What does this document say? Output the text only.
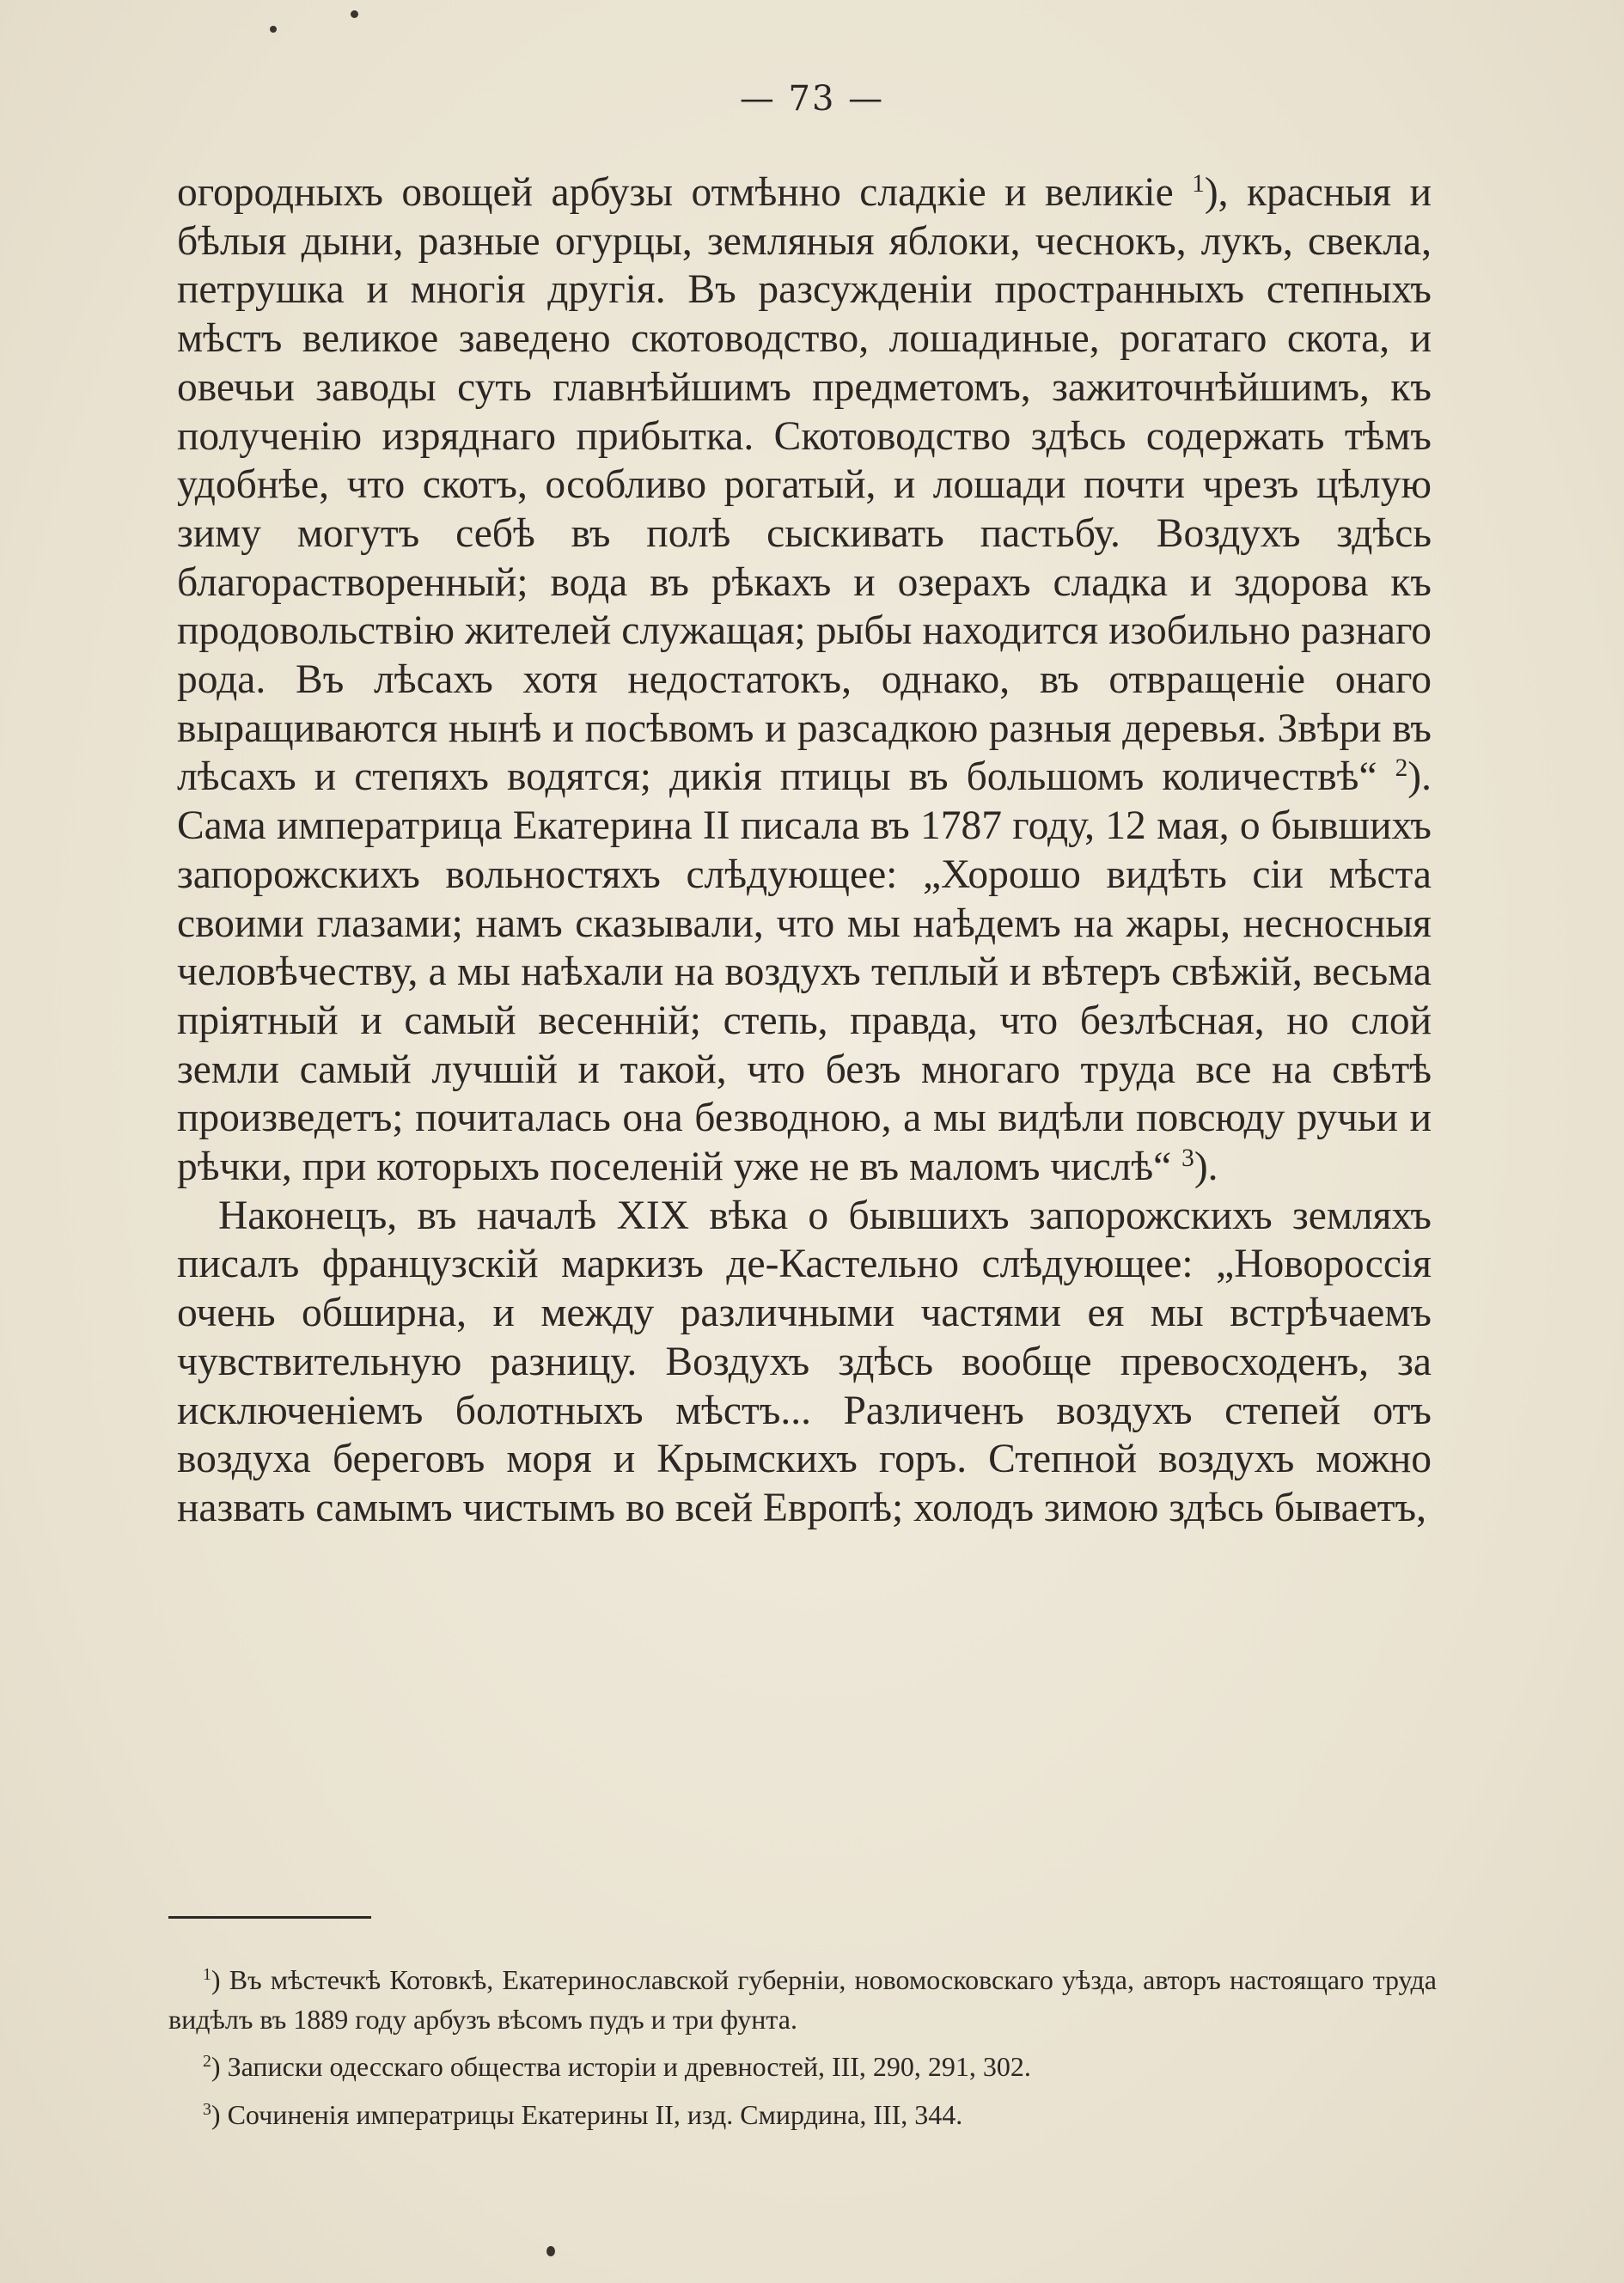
— 73 —

огородныхъ овощей арбузы отмѣнно сладкіе и великіе $^1$), красныя и бѣлыя дыни, разные огурцы, земляныя яблоки, чеснокъ, лукъ, свекла, петрушка и многія другія. Въ разсужденіи пространныхъ степныхъ мѣстъ великое заведено скотоводство, лошадиные, рогатаго скота, и овечьи заводы суть главнѣйшимъ предметомъ, зажиточнѣйшимъ, къ полученію изряднаго прибытка. Скотоводство здѣсь содержать тѣмъ удобнѣе, что скотъ, особливо рогатый, и лошади почти чрезъ цѣлую зиму могутъ себѣ въ полѣ сыскивать пастьбу. Воздухъ здѣсь благорастворенный; вода въ рѣкахъ и озерахъ сладка и здорова къ продовольствію жителей служащая; рыбы находится изобильно разнаго рода. Въ лѣсахъ хотя недостатокъ, однако, въ отвращеніе онаго выращиваются нынѣ и посѣвомъ и разсадкою разныя деревья. Звѣри въ лѣсахъ и степяхъ водятся; дикія птицы въ большомъ количествѣ“ $^2$). Сама императрица Екатерина II писала въ 1787 году, 12 мая, о бывшихъ запорожскихъ вольностяхъ слѣдующее: „Хорошо видѣть сіи мѣста своими глазами; намъ сказывали, что мы наѣдемъ на жары, несносныя человѣчеству, а мы наѣхали на воздухъ теплый и вѣтеръ свѣжій, весьма пріятный и самый весенній; степь, правда, что безлѣсная, но слой земли самый лучшій и такой, что безъ многаго труда все на свѣтѣ произведетъ; почиталась она безводною, а мы видѣли повсюду ручьи и рѣчки, при которыхъ поселеній уже не въ маломъ числѣ“ $^3$).

Наконецъ, въ началѣ XIX вѣка о бывшихъ запорожскихъ земляхъ писалъ французскій маркизъ де-Кастельно слѣдующее: „Новороссія очень обширна, и между различными частями ея мы встрѣчаемъ чувствительную разницу. Воздухъ здѣсь вообще превосходенъ, за исключеніемъ болотныхъ мѣстъ... Различенъ воздухъ степей отъ воздуха береговъ моря и Крымскихъ горъ. Степной воздухъ можно назвать самымъ чистымъ во всей Европѣ; холодъ зимою здѣсь бываетъ,

$^1$) Въ мѣстечкѣ Котовкѣ, Екатеринославской губерніи, новомосковскаго уѣзда, авторъ настоящаго труда видѣлъ въ 1889 году арбузъ вѣсомъ пудъ и три фунта.

$^2$) Записки одесскаго общества исторіи и древностей, III, 290, 291, 302.

$^3$) Сочиненія императрицы Екатерины II, изд. Смирдина, III, 344.
